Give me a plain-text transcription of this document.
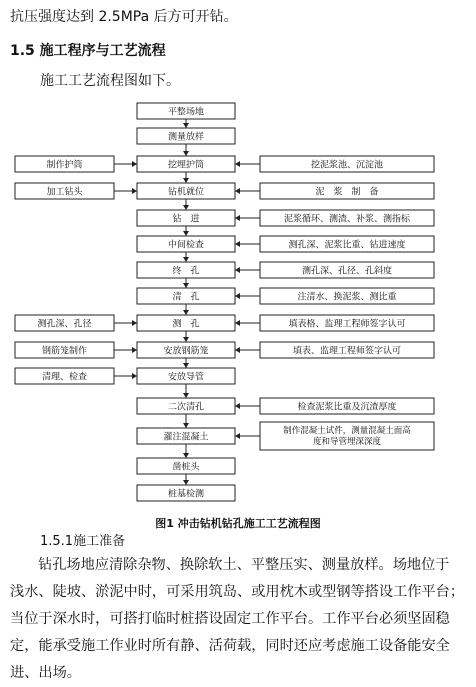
抗压强度达到 2.5MPa 后方可开钻。
1.5 施工程序与工艺流程
施工工艺流程图如下。
平整场地
测量放样
挖埋护筒
钻机就位
钻　进
中间检查
终　孔
清　孔
测　孔
安放钢筋笼
安放导管
二次清孔
灌注混凝土
凿桩头
桩基检测
制作护筒
加工钻头
测孔深、孔径
钢筋笼制作
清理、检查
挖泥浆池、沉淀池
泥　浆　制　备
泥浆循环、测渣、补浆、测指标
测孔深、泥浆比重、钻进速度
测孔深、孔径、孔斜度
注清水、换泥浆、测比重
填表格、监理工程师签字认可
填表、监理工程师签字认可
检查泥浆比重及沉渣厚度
制作混凝土试件，测量混凝土面高
度和导管埋深深度
图1 冲击钻机钻孔施工工艺流程图
1.5.1施工准备
钻孔场地应清除杂物、换除软土、平整压实、测量放样。场地位于
浅水、陡坡、淤泥中时，可采用筑岛、或用枕木或型钢等搭设工作平台；
当位于深水时，可搭打临时桩搭设固定工作平台。工作平台必须坚固稳
定，能承受施工作业时所有静、活荷载，同时还应考虑施工设备能安全
进、出场。
